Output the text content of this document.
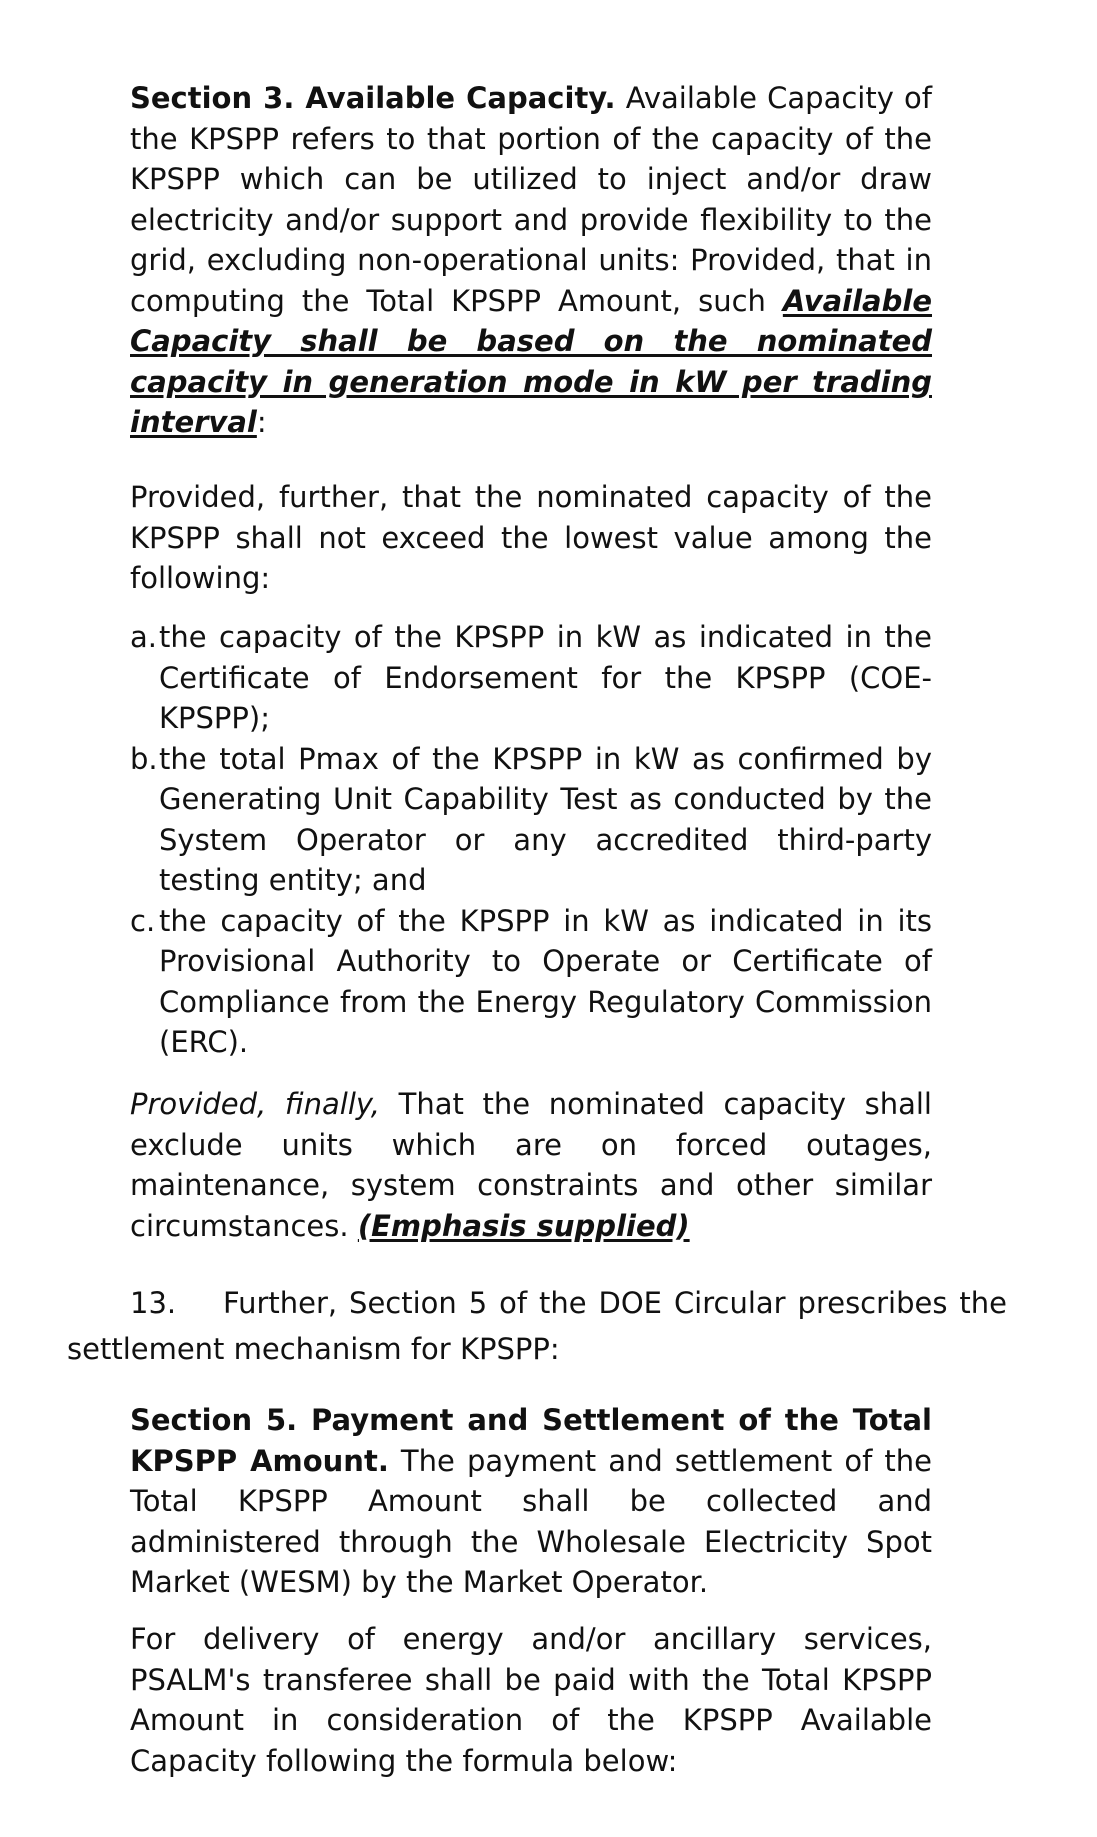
Section 3. Available Capacity. Available Capacity of the KPSPP refers to that portion of the capacity of the KPSPP which can be utilized to inject and/or draw electricity and/or support and provide flexibility to the grid, excluding non-operational units: Provided, that in computing the Total KPSPP Amount, such Available Capacity shall be based on the nominated capacity in generation mode in kW per trading interval:
Provided, further, that the nominated capacity of the KPSPP shall not exceed the lowest value among the following:
a. the capacity of the KPSPP in kW as indicated in the Certificate of Endorsement for the KPSPP (COE-KPSPP);
b. the total Pmax of the KPSPP in kW as confirmed by Generating Unit Capability Test as conducted by the System Operator or any accredited third-party testing entity; and
c. the capacity of the KPSPP in kW as indicated in its Provisional Authority to Operate or Certificate of Compliance from the Energy Regulatory Commission (ERC).
Provided, finally, That the nominated capacity shall exclude units which are on forced outages, maintenance, system constraints and other similar circumstances. (Emphasis supplied)
13. Further, Section 5 of the DOE Circular prescribes the settlement mechanism for KPSPP:
Section 5. Payment and Settlement of the Total KPSPP Amount. The payment and settlement of the Total KPSPP Amount shall be collected and administered through the Wholesale Electricity Spot Market (WESM) by the Market Operator.
For delivery of energy and/or ancillary services, PSALM's transferee shall be paid with the Total KPSPP Amount in consideration of the KPSPP Available Capacity following the formula below:
